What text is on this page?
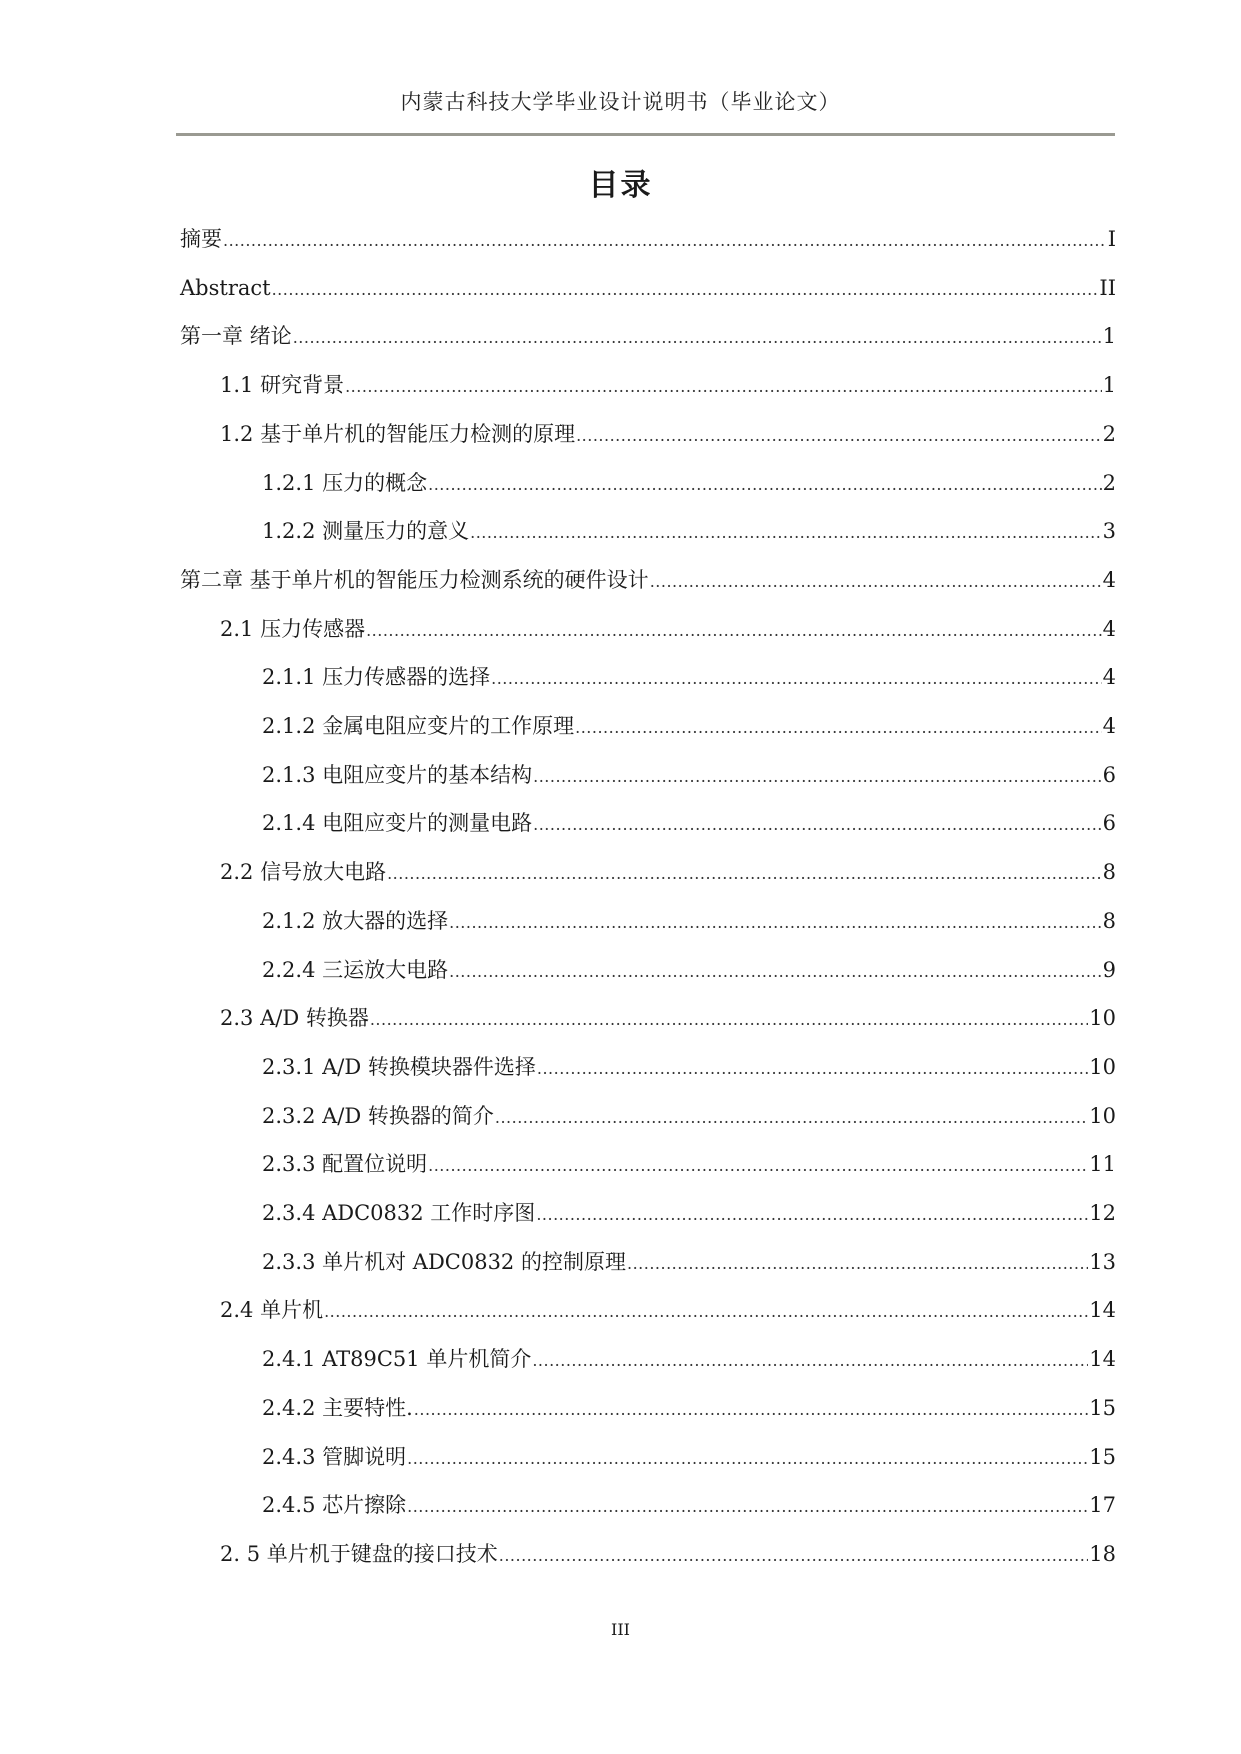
内蒙古科技大学毕业设计说明书（毕业论文）
目录
摘要 .....	I
Abstract .....	II
第一章 绪论 .....	1
1.1 研究背景 .....	1
1.2 基于单片机的智能压力检测的原理 .....	2
1.2.1 压力的概念 .....	2
1.2.2 测量压力的意义 .....	3
第二章 基于单片机的智能压力检测系统的硬件设计 .....	4
2.1 压力传感器 .....	4
2.1.1 压力传感器的选择 .....	4
2.1.2 金属电阻应变片的工作原理 .....	4
2.1.3 电阻应变片的基本结构 .....	6
2.1.4 电阻应变片的测量电路 .....	6
2.2 信号放大电路 .....	8
2.1.2 放大器的选择 .....	8
2.2.4 三运放大电路 .....	9
2.3 A/D 转换器 .....	10
2.3.1 A/D 转换模块器件选择 .....	10
2.3.2 A/D 转换器的简介 .....	10
2.3.3 配置位说明 .....	11
2.3.4 ADC0832 工作时序图 .....	12
2.3.3 单片机对 ADC0832 的控制原理 .....	13
2.4 单片机 .....	14
2.4.1 AT89C51 单片机简介 .....	14
2.4.2 主要特性. .....	15
2.4.3 管脚说明 .....	15
2.4.5 芯片擦除 .....	17
2. 5 单片机于键盘的接口技术 .....	18
III
